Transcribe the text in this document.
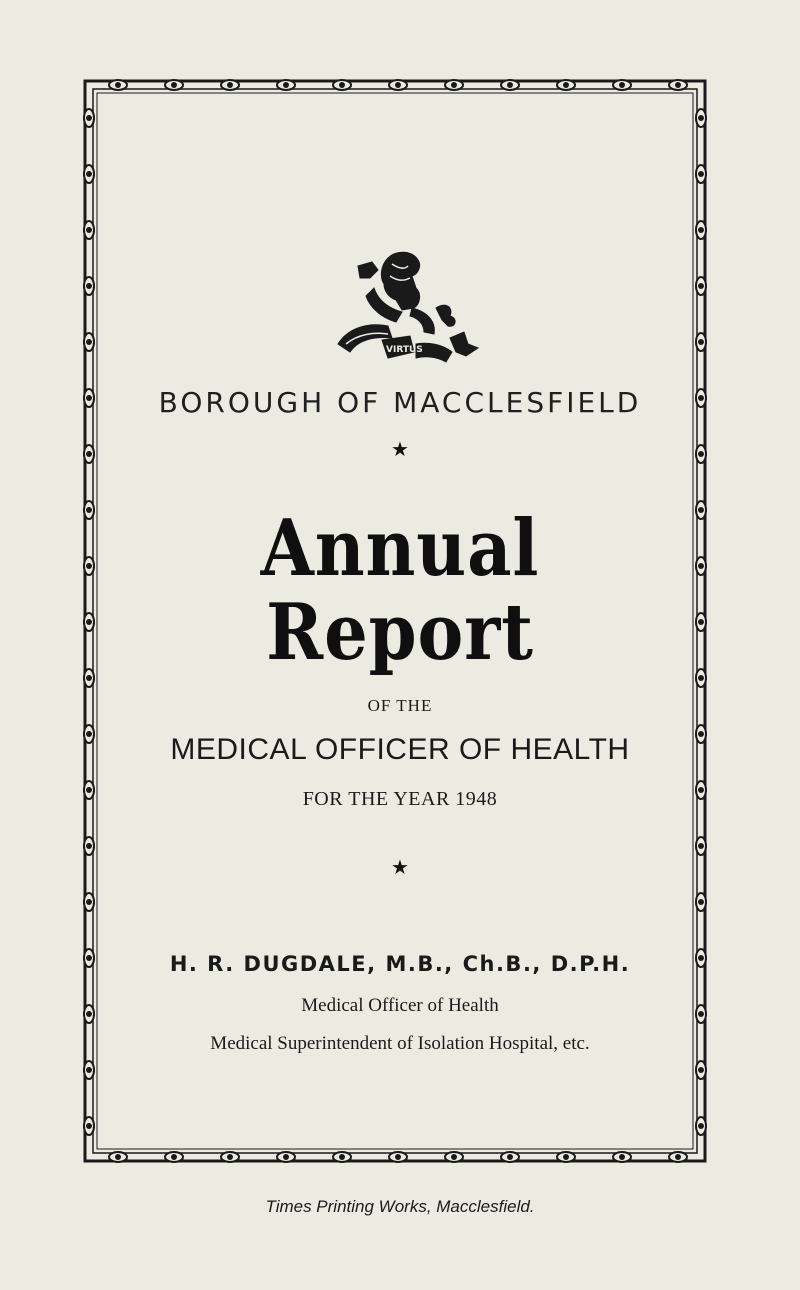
VIRTUS
BOROUGH OF MACCLESFIELD
★
Annual
Report
OF THE
MEDICAL OFFICER OF HEALTH
FOR THE YEAR 1948
★
H. R. DUGDALE, M.B., Ch.B., D.P.H.
Medical Officer of Health
Medical Superintendent of Isolation Hospital, etc.
Times Printing Works, Macclesfield.
